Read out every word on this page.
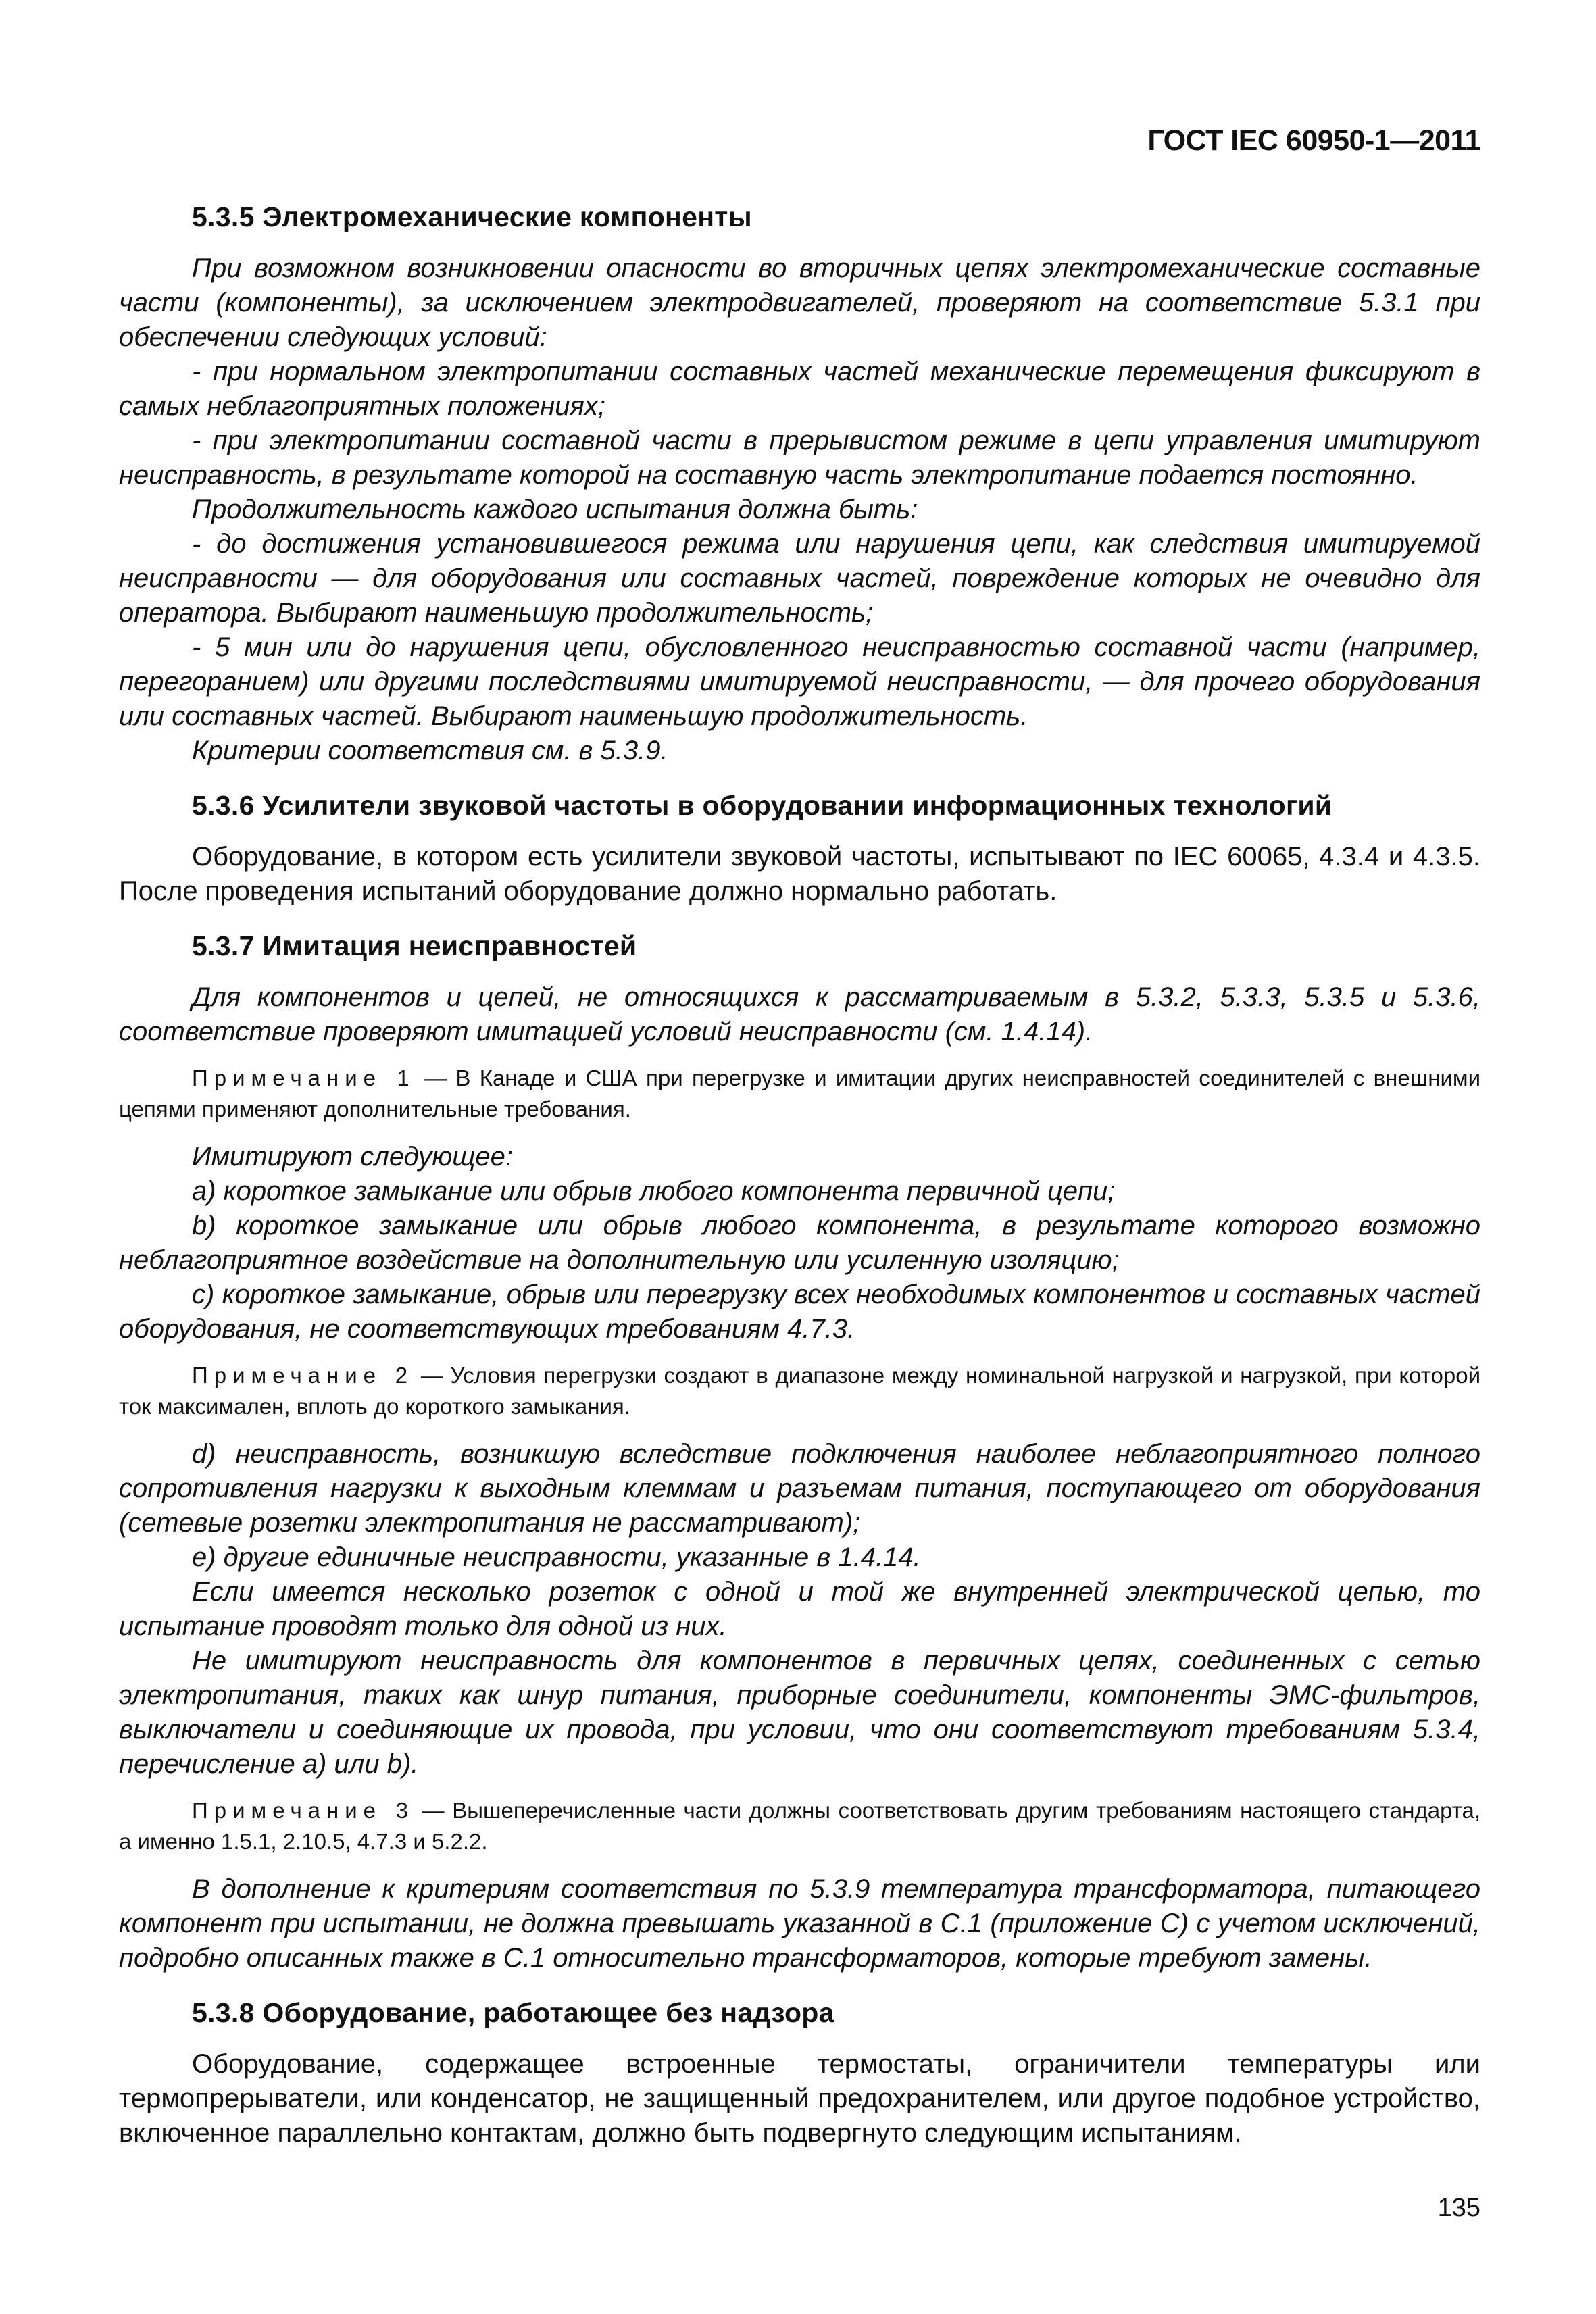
ГОСТ IEC 60950-1—2011
5.3.5 Электромеханические компоненты

При возможном возникновении опасности во вторичных цепях электромеханические составные части (компоненты), за исключением электродвигателей, проверяют на соответствие 5.3.1 при обеспечении следующих условий:

- при нормальном электропитании составных частей механические перемещения фиксируют в самых неблагоприятных положениях;

- при электропитании составной части в прерывистом режиме в цепи управления имитируют неисправность, в результате которой на составную часть электропитание подается постоянно.

Продолжительность каждого испытания должна быть:

- до достижения установившегося режима или нарушения цепи, как следствия имитируемой неисправности — для оборудования или составных частей, повреждение которых не очевидно для оператора. Выбирают наименьшую продолжительность;

- 5 мин или до нарушения цепи, обусловленного неисправностью составной части (например, перегоранием) или другими последствиями имитируемой неисправности, — для прочего оборудования или составных частей. Выбирают наименьшую продолжительность.

Критерии соответствия см. в 5.3.9.

5.3.6 Усилители звуковой частоты в оборудовании информационных технологий

Оборудование, в котором есть усилители звуковой частоты, испытывают по IEC 60065, 4.3.4 и 4.3.5. После проведения испытаний оборудование должно нормально работать.

5.3.7 Имитация неисправностей

Для компонентов и цепей, не относящихся к рассматриваемым в 5.3.2, 5.3.3, 5.3.5 и 5.3.6, соответствие проверяют имитацией условий неисправности (см. 1.4.14).

Примечание 1 — В Канаде и США при перегрузке и имитации других неисправностей соединителей с внешними цепями применяют дополнительные требования.

Имитируют следующее:

a) короткое замыкание или обрыв любого компонента первичной цепи;

b) короткое замыкание или обрыв любого компонента, в результате которого возможно неблагоприятное воздействие на дополнительную или усиленную изоляцию;

c) короткое замыкание, обрыв или перегрузку всех необходимых компонентов и составных частей оборудования, не соответствующих требованиям 4.7.3.

Примечание 2 — Условия перегрузки создают в диапазоне между номинальной нагрузкой и нагрузкой, при которой ток максимален, вплоть до короткого замыкания.

d) неисправность, возникшую вследствие подключения наиболее неблагоприятного полного сопротивления нагрузки к выходным клеммам и разъемам питания, поступающего от оборудования (сетевые розетки электропитания не рассматривают);

e) другие единичные неисправности, указанные в 1.4.14.

Если имеется несколько розеток с одной и той же внутренней электрической цепью, то испытание проводят только для одной из них.

Не имитируют неисправность для компонентов в первичных цепях, соединенных с сетью электропитания, таких как шнур питания, приборные соединители, компоненты ЭМС-фильтров, выключатели и соединяющие их провода, при условии, что они соответствуют требованиям 5.3.4, перечисление a) или b).

Примечание 3 — Вышеперечисленные части должны соответствовать другим требованиям настоящего стандарта, а именно 1.5.1, 2.10.5, 4.7.3 и 5.2.2.

В дополнение к критериям соответствия по 5.3.9 температура трансформатора, питающего компонент при испытании, не должна превышать указанной в C.1 (приложение C) с учетом исключений, подробно описанных также в C.1 относительно трансформаторов, которые требуют замены.

5.3.8 Оборудование, работающее без надзора

Оборудование, содержащее встроенные термостаты, ограничители температуры или термопрерыватели, или конденсатор, не защищенный предохранителем, или другое подобное устройство, включенное параллельно контактам, должно быть подвергнуто следующим испытаниям.

135
